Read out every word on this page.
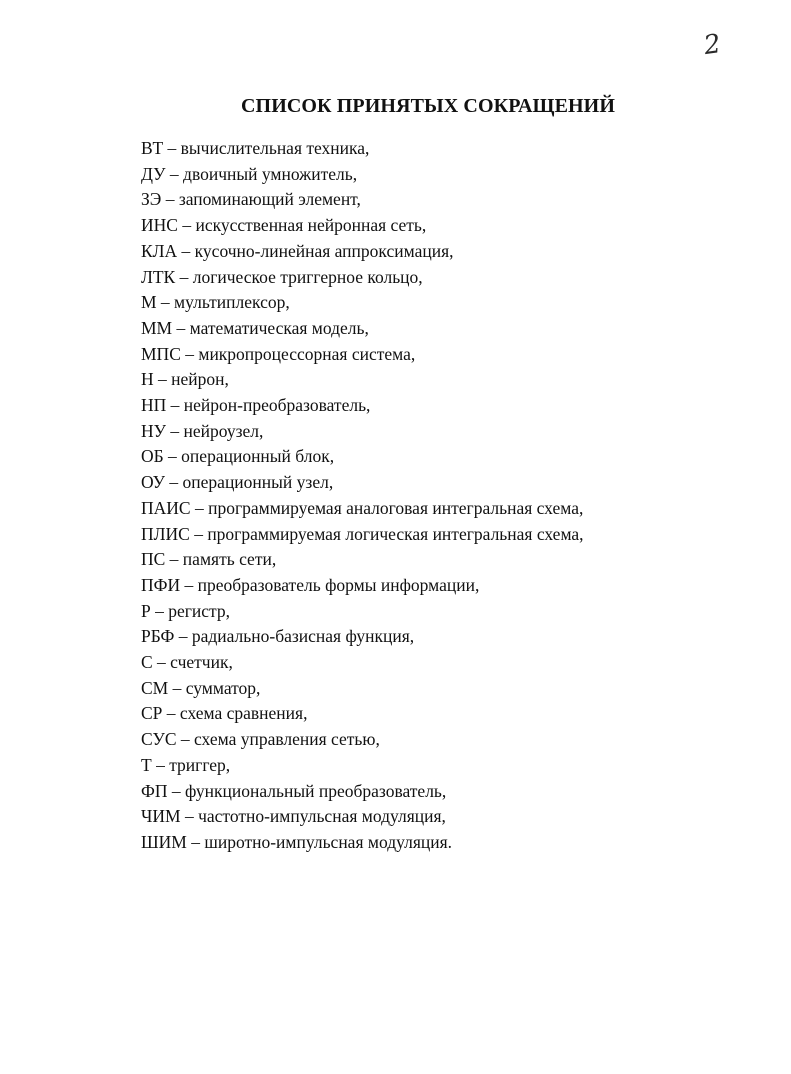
2
СПИСОК ПРИНЯТЫХ СОКРАЩЕНИЙ
ВТ – вычислительная техника,
ДУ – двоичный умножитель,
ЗЭ – запоминающий элемент,
ИНС – искусственная нейронная сеть,
КЛА – кусочно-линейная аппроксимация,
ЛТК – логическое триггерное кольцо,
М – мультиплексор,
ММ – математическая модель,
МПС – микропроцессорная система,
Н – нейрон,
НП – нейрон-преобразователь,
НУ – нейроузел,
ОБ – операционный блок,
ОУ – операционный узел,
ПАИС – программируемая аналоговая интегральная схема,
ПЛИС – программируемая логическая интегральная схема,
ПС – память сети,
ПФИ – преобразователь формы информации,
Р – регистр,
РБФ – радиально-базисная функция,
С – счетчик,
СМ – сумматор,
СР – схема сравнения,
СУС – схема управления сетью,
Т – триггер,
ФП – функциональный преобразователь,
ЧИМ – частотно-импульсная модуляция,
ШИМ – широтно-импульсная модуляция.
